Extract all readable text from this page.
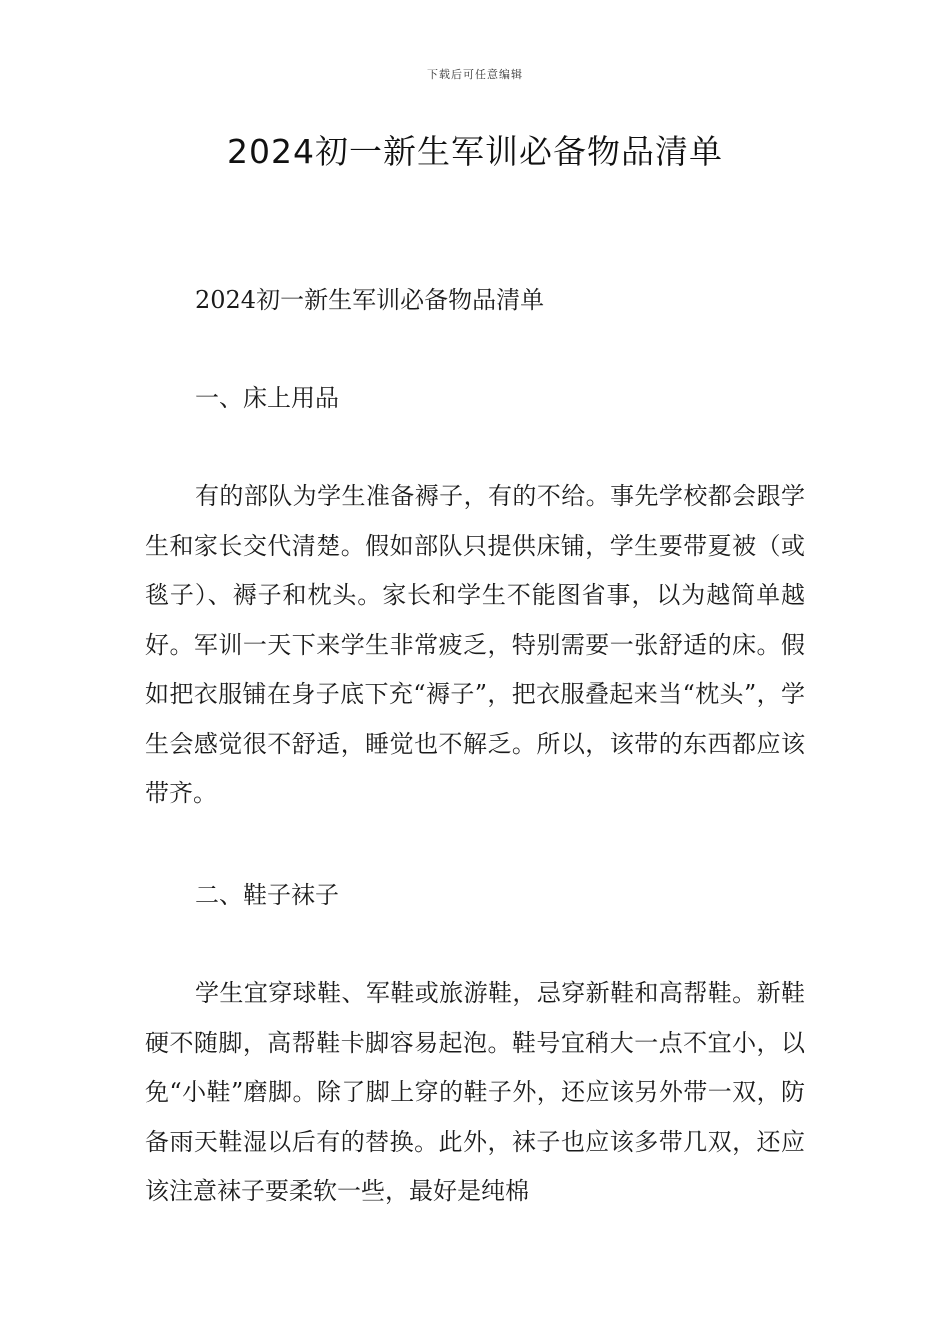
下载后可任意编辑
2024初一新生军训必备物品清单
2024初一新生军训必备物品清单
一、床上用品

有的部队为学生准备褥子，有的不给。事先学校都会跟学生和家长交代清楚。假如部队只提供床铺，学生要带夏被（或毯子）、褥子和枕头。家长和学生不能图省事，以为越简单越好。军训一天下来学生非常疲乏，特别需要一张舒适的床。假如把衣服铺在身子底下充“褥子”，把衣服叠起来当“枕头”，学生会感觉很不舒适，睡觉也不解乏。所以，该带的东西都应该带齐。

二、鞋子袜子

学生宜穿球鞋、军鞋或旅游鞋，忌穿新鞋和高帮鞋。新鞋硬不随脚，高帮鞋卡脚容易起泡。鞋号宜稍大一点不宜小，以免“小鞋”磨脚。除了脚上穿的鞋子外，还应该另外带一双，防备雨天鞋湿以后有的替换。此外，袜子也应该多带几双，还应该注意袜子要柔软一些，最好是纯棉
